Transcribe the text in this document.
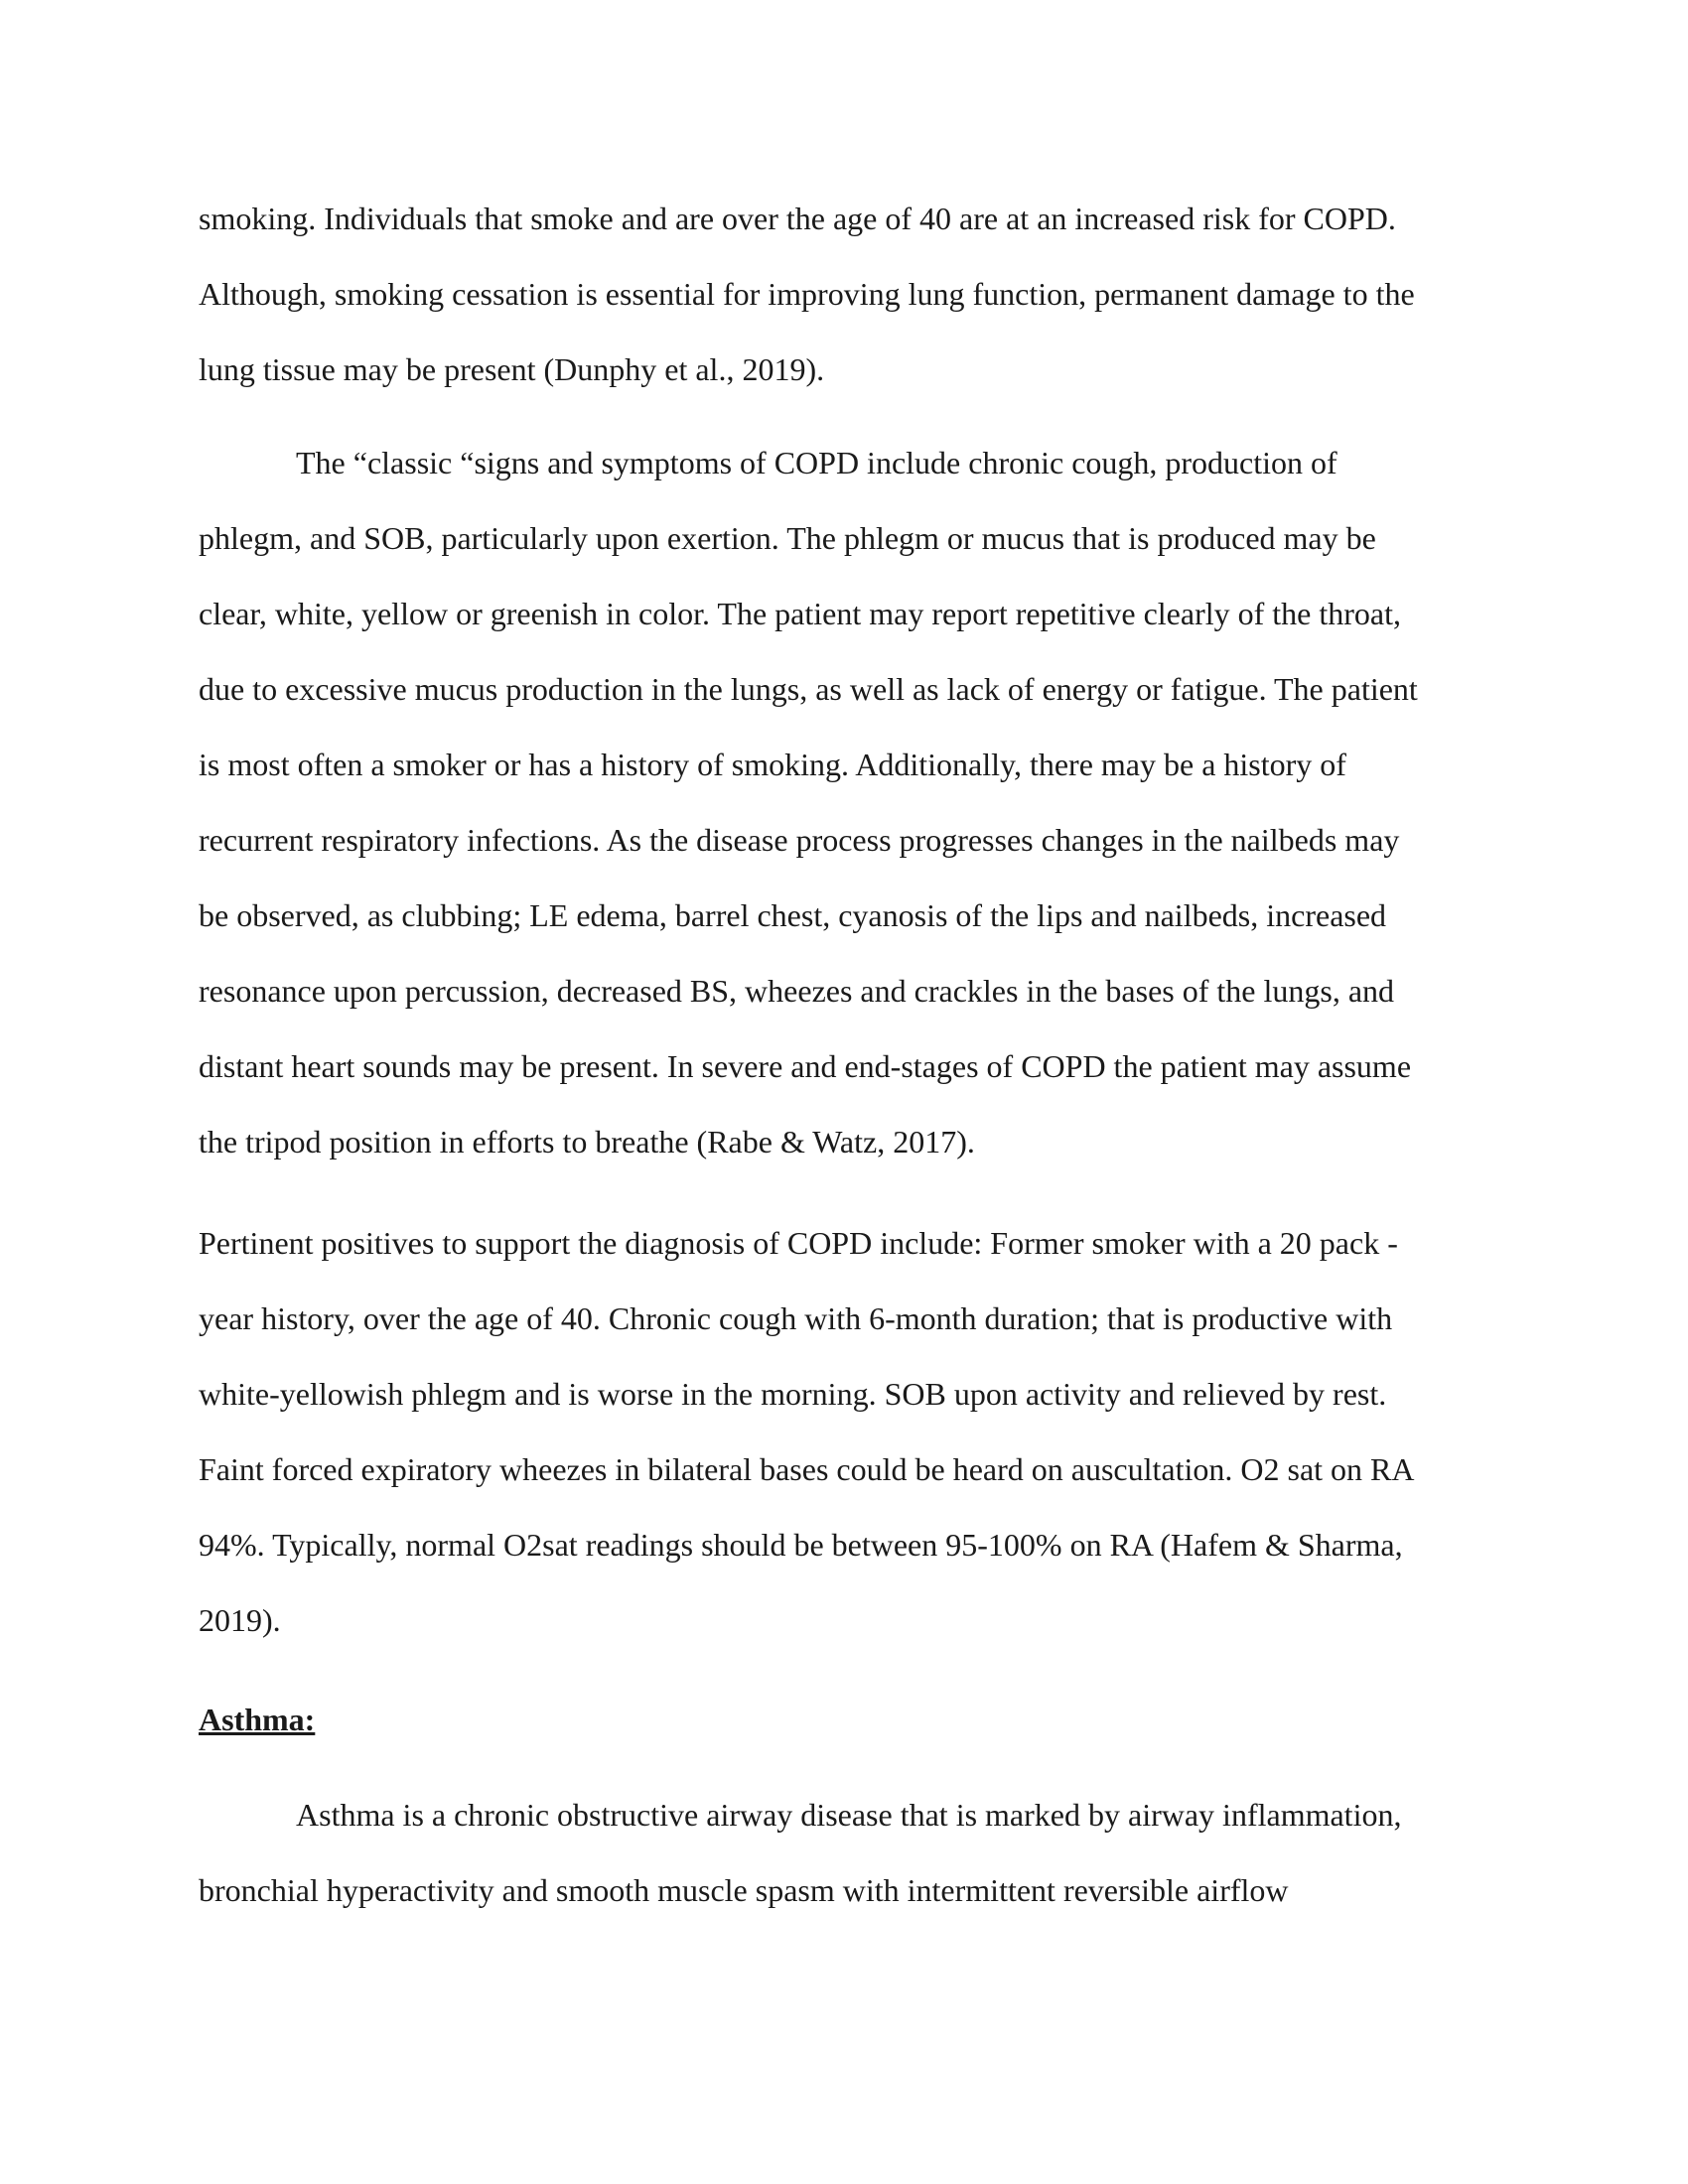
smoking. Individuals that smoke and are over the age of 40 are at an increased risk for COPD.

Although, smoking cessation is essential for improving lung function, permanent damage to the

lung tissue may be present (Dunphy et al., 2019).

The “classic “signs and symptoms of COPD include chronic cough, production of

phlegm, and SOB, particularly upon exertion. The phlegm or mucus that is produced may be

clear, white, yellow or greenish in color. The patient may report repetitive clearly of the throat,

due to excessive mucus production in the lungs, as well as lack of energy or fatigue. The patient

is most often a smoker or has a history of smoking. Additionally, there may be a history of

recurrent respiratory infections. As the disease process progresses changes in the nailbeds may

be observed, as clubbing; LE edema, barrel chest, cyanosis of the lips and nailbeds, increased

resonance upon percussion, decreased BS, wheezes and crackles in the bases of the lungs, and

distant heart sounds may be present. In severe and end-stages of COPD the patient may assume

the tripod position in efforts to breathe (Rabe & Watz, 2017).

Pertinent positives to support the diagnosis of COPD include: Former smoker with a 20 pack -

year history, over the age of 40. Chronic cough with 6-month duration; that is productive with

white-yellowish phlegm and is worse in the morning. SOB upon activity and relieved by rest.

Faint forced expiratory wheezes in bilateral bases could be heard on auscultation. O2 sat on RA

94%. Typically, normal O2sat readings should be between 95-100% on RA (Hafem & Sharma,

2019).

Asthma:

Asthma is a chronic obstructive airway disease that is marked by airway inflammation,

bronchial hyperactivity and smooth muscle spasm with intermittent reversible airflow
